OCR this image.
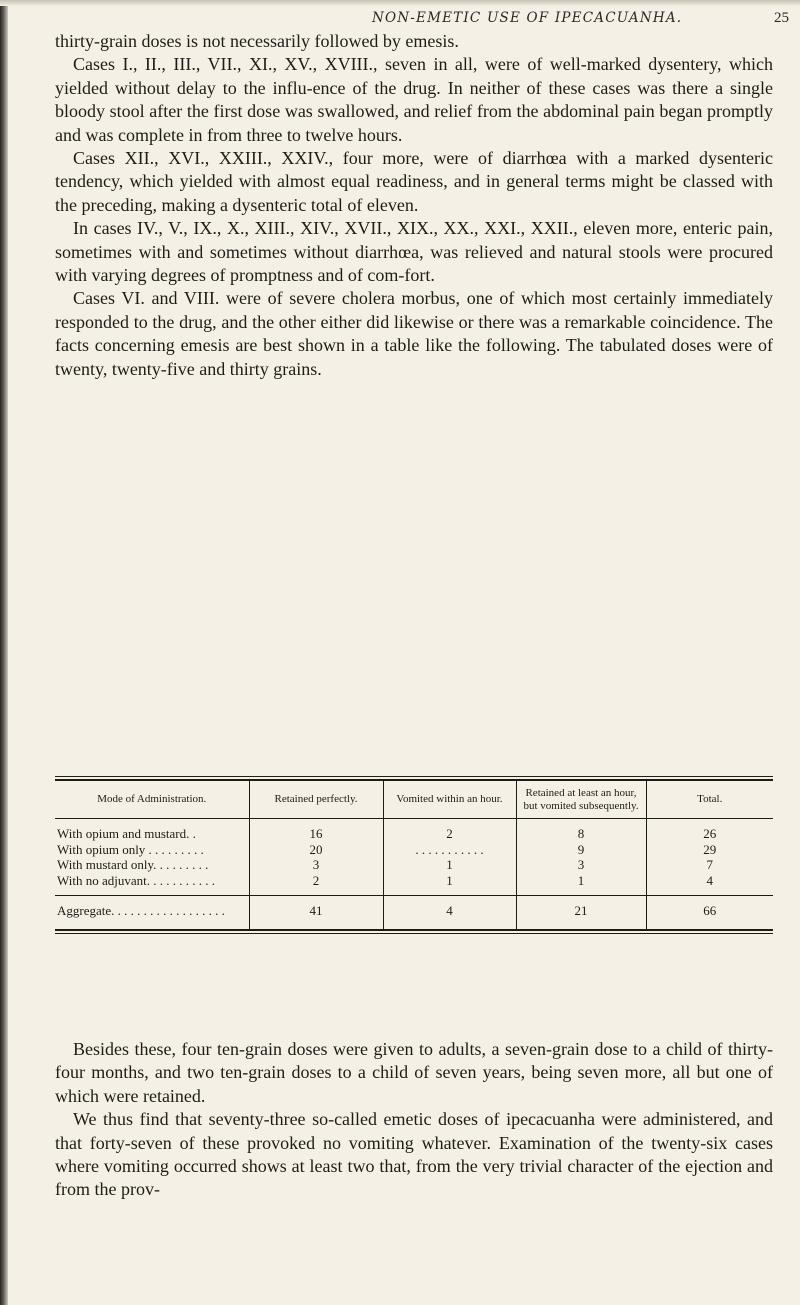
NON-EMETIC USE OF IPECACUANHA.	25

thirty-grain doses is not necessarily followed by emesis.

Cases I., II., III., VII., XI., XV., XVIII., seven in all, were of well-marked dysentery, which yielded without delay to the influ-ence of the drug. In neither of these cases was there a single bloody stool after the first dose was swallowed, and relief from the abdominal pain began promptly and was complete in from three to twelve hours.

Cases XII., XVI., XXIII., XXIV., four more, were of diarrhœa with a marked dysenteric tendency, which yielded with almost equal readiness, and in general terms might be classed with the preceding, making a dysenteric total of eleven.

In cases IV., V., IX., X., XIII., XIV., XVII., XIX., XX., XXI., XXII., eleven more, enteric pain, sometimes with and sometimes without diarrhœa, was relieved and natural stools were procured with varying degrees of promptness and of com-fort.

Cases VI. and VIII. were of severe cholera morbus, one of which most certainly immediately responded to the drug, and the other either did likewise or there was a remarkable coincidence. The facts concerning emesis are best shown in a table like the following. The tabulated doses were of twenty, twenty-five and thirty grains.

Mode of Administration.	Retained perfectly.	Vomited within an hour.	Retained at least an hour, but vomited subsequently.	Total.
With opium and mustard. .	16	2	8	26
With opium only . . . . . . . . .	20	. . . . . . . . . . .	9	29
With mustard only. . . . . . . . .	3	1	3	7
With no adjuvant. . . . . . . . . . .	2	1	1	4
Aggregate. . . . . . . . . . . . . . . . . .	41	4	21	66

Besides these, four ten-grain doses were given to adults, a seven-grain dose to a child of thirty-four months, and two ten-grain doses to a child of seven years, being seven more, all but one of which were retained.

We thus find that seventy-three so-called emetic doses of ipecacuanha were administered, and that forty-seven of these provoked no vomiting whatever. Examination of the twenty-six cases where vomiting occurred shows at least two that, from the very trivial character of the ejection and from the prov-
